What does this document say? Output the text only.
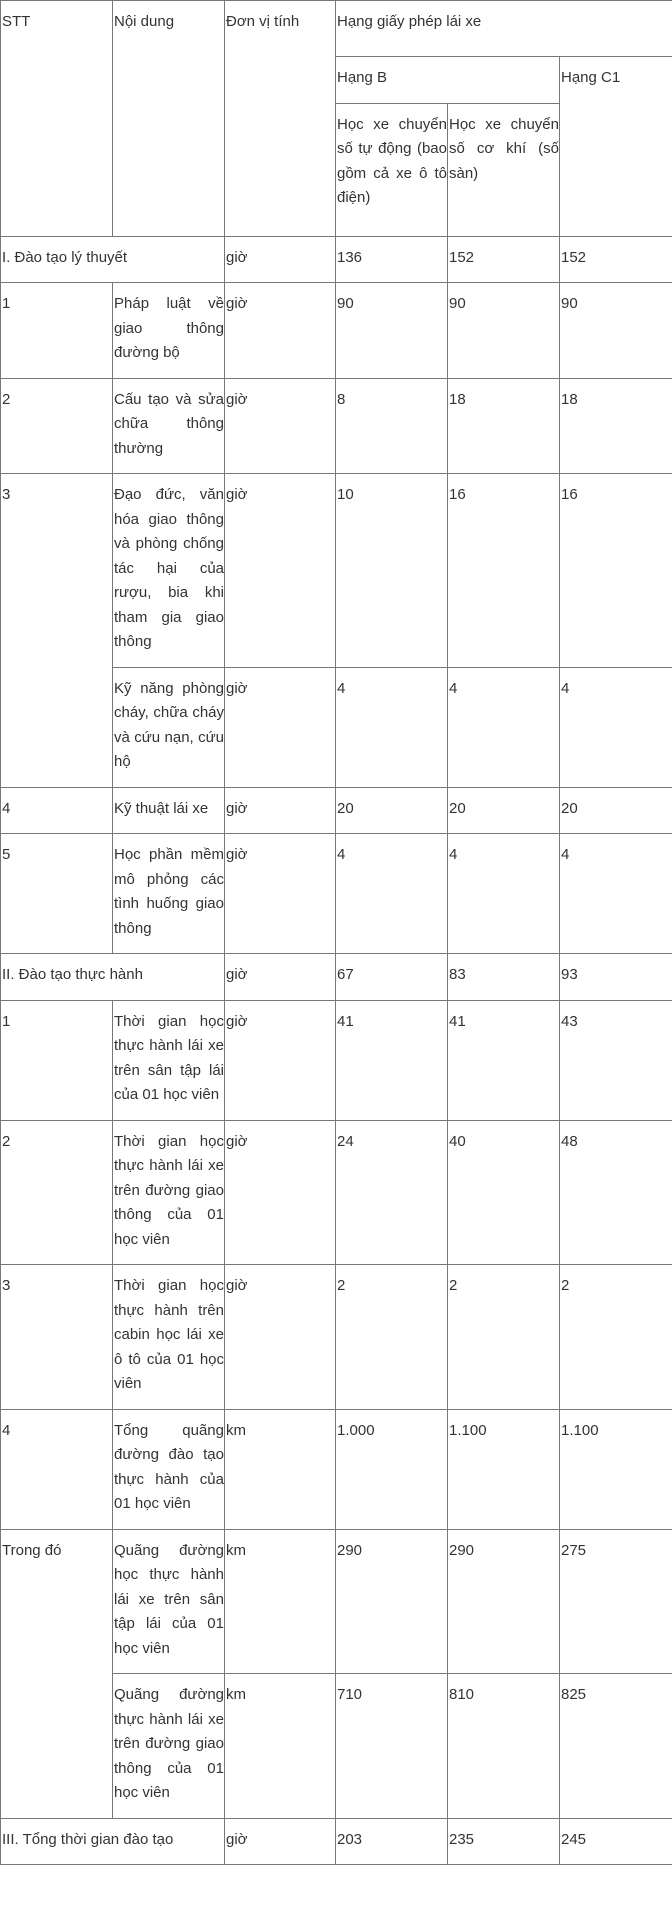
STT	Nội dung	Đơn vị tính	Hạng giấy phép lái xe		
			Hạng B		Hạng C1
			Học xe chuyển số tự động (bao gồm cả xe ô tô điện)	Học xe chuyển số cơ khí (số sàn)	
I. Đào tạo lý thuyết		giờ	136	152	152
1	Pháp luật về giao thông đường bộ	giờ	90	90	90
2	Cấu tạo và sửa chữa thông thường	giờ	8	18	18
3	Đạo đức, văn hóa giao thông và phòng chống tác hại của rượu, bia khi tham gia giao thông	giờ	10	16	16
	Kỹ năng phòng cháy, chữa cháy và cứu nạn, cứu hộ	giờ	4	4	4
4	Kỹ thuật lái xe	giờ	20	20	20
5	Học phần mềm mô phỏng các tình huống giao thông	giờ	4	4	4
II. Đào tạo thực hành		giờ	67	83	93
1	Thời gian học thực hành lái xe trên sân tập lái của 01 học viên	giờ	41	41	43
2	Thời gian học thực hành lái xe trên đường giao thông của 01 học viên	giờ	24	40	48
3	Thời gian học thực hành trên cabin học lái xe ô tô của 01 học viên	giờ	2	2	2
4	Tổng quãng đường đào tạo thực hành của 01 học viên	km	1.000	1.100	1.100
Trong đó	Quãng đường học thực hành lái xe trên sân tập lái của 01 học viên	km	290	290	275
	Quãng đường thực hành lái xe trên đường giao thông của 01 học viên	km	710	810	825
III. Tổng thời gian đào tạo		giờ	203	235	245
